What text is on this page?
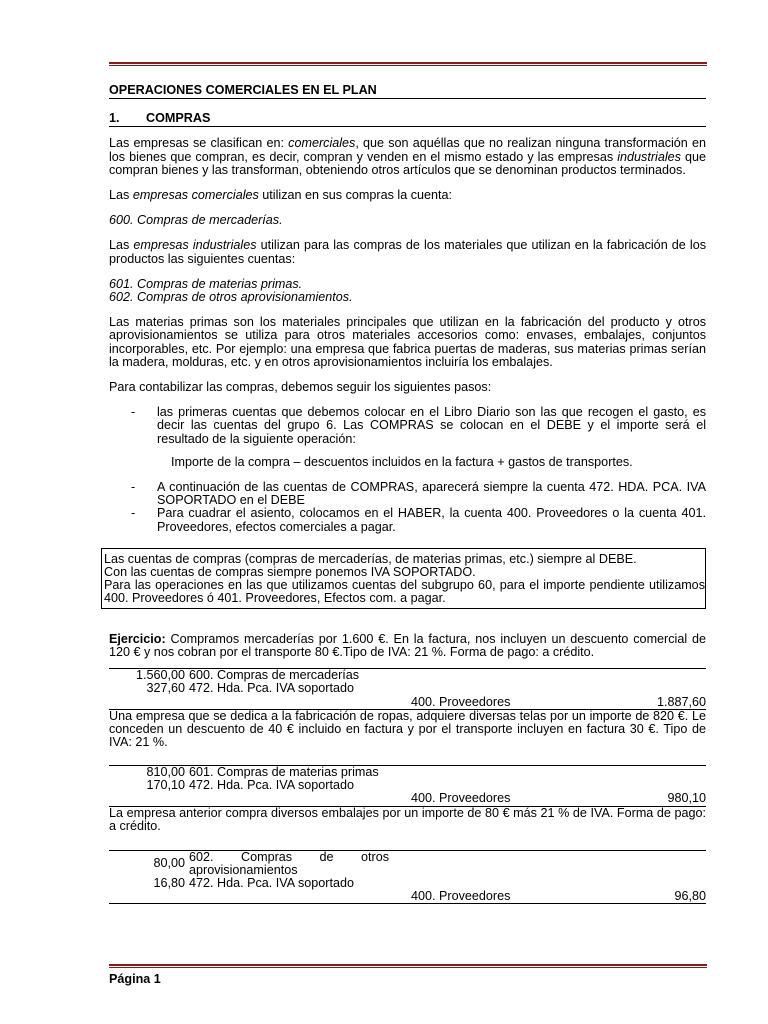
OPERACIONES COMERCIALES EN EL PLAN
1.	COMPRAS

Las empresas se clasifican en: comerciales, que son aquéllas que no realizan ninguna transformación en los bienes que compran, es decir, compran y venden en el mismo estado y las empresas industriales que compran bienes y las transforman, obteniendo otros artículos que se denominan productos terminados.

Las empresas comerciales utilizan en sus compras la cuenta:

600. Compras de mercaderías.

Las empresas industriales utilizan para las compras de los materiales que utilizan en la fabricación de los productos las siguientes cuentas:

601. Compras de materias primas.
602. Compras de otros aprovisionamientos.

Las materias primas son los materiales principales que utilizan en la fabricación del producto y otros aprovisionamientos se utiliza para otros materiales accesorios como: envases, embalajes, conjuntos incorporables, etc. Por ejemplo: una empresa que fabrica puertas de maderas, sus materias primas serían la madera, molduras, etc. y en otros aprovisionamientos incluiría los embalajes.

Para contabilizar las compras, debemos seguir los siguientes pasos:

-	las primeras cuentas que debemos colocar en el Libro Diario son las que recogen el gasto, es decir las cuentas del grupo 6. Las COMPRAS se colocan en el DEBE y el importe será el resultado de la siguiente operación:
Importe de la compra – descuentos incluidos en la factura + gastos de transportes.
-	A continuación de las cuentas de COMPRAS, aparecerá siempre la cuenta 472. HDA. PCA. IVA SOPORTADO en el DEBE
-	Para cuadrar el asiento, colocamos en el HABER, la cuenta 400. Proveedores o la cuenta 401. Proveedores, efectos comerciales a pagar.
Las cuentas de compras (compras de mercaderías, de materias primas, etc.) siempre al DEBE.
Con las cuentas de compras siempre ponemos IVA SOPORTADO.
Para las operaciones en las que utilizamos cuentas del subgrupo 60, para el importe pendiente utilizamos 400. Proveedores ó 401. Proveedores, Efectos com. a pagar.

Ejercicio: Compramos mercaderías por 1.600 €. En la factura, nos incluyen un descuento comercial de 120 € y nos cobran por el transporte 80 €.Tipo de IVA: 21 %. Forma de pago: a crédito.

1.560,00 600. Compras de mercaderías
327,60 472. Hda. Pca. IVA soportado
400. Proveedores	1.887,60

Una empresa que se dedica a la fabricación de ropas, adquiere diversas telas por un importe de 820 €. Le conceden un descuento de 40 € incluido en factura y por el transporte incluyen en factura 30 €. Tipo de IVA: 21 %.

810,00 601. Compras de materias primas
170,10 472. Hda. Pca. IVA soportado
400. Proveedores	980,10

La empresa anterior compra diversos embalajes por un importe de 80 € más 21 % de IVA. Forma de pago: a crédito.

80,00 602. Compras de otros
aprovisionamientos
16,80 472. Hda. Pca. IVA soportado
400. Proveedores	96,80
Página 1
